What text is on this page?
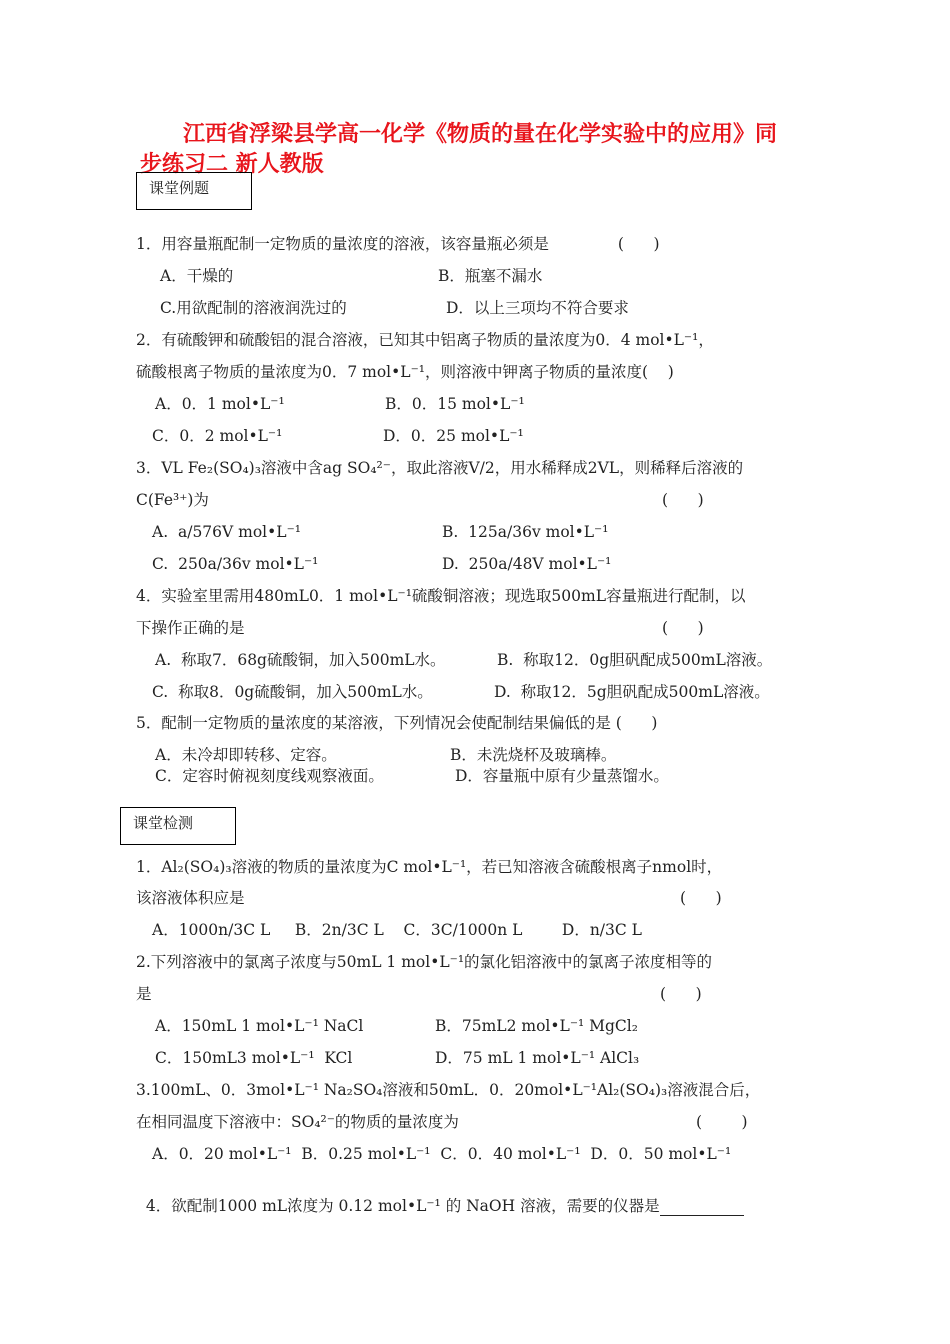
江西省浮梁县学高一化学《物质的量在化学实验中的应用》同
步练习二 新人教版
课堂例题
1．用容量瓶配制一定物质的量浓度的溶液，该容量瓶必须是              (      )
A．干燥的	B．瓶塞不漏水
C.用欲配制的溶液润洗过的	D．以上三项均不符合要求
2．有硫酸钾和硫酸铝的混合溶液，已知其中铝离子物质的量浓度为0．4 mol•L⁻¹，
硫酸根离子物质的量浓度为0．7 mol•L⁻¹，则溶液中钾离子物质的量浓度(    )
A．0．1 mol•L⁻¹	B．0．15 mol•L⁻¹
C．0．2 mol•L⁻¹	D．0．25 mol•L⁻¹
3．VL Fe₂(SO₄)₃溶液中含ag SO₄²⁻，取此溶液V/2，用水稀释成2VL，则稀释后溶液的
C(Fe³⁺)为	(      )
A.  a/576V mol•L⁻¹	B.  125a/36v mol•L⁻¹
C.  250a/36v mol•L⁻¹	D.  250a/48V mol•L⁻¹
4．实验室里需用480mL0．1 mol•L⁻¹硫酸铜溶液；现选取500mL容量瓶进行配制，以
下操作正确的是	(      )
A.  称取7．68g硫酸铜，加入500mL水。	B.  称取12．0g胆矾配成500mL溶液。
C.  称取8．0g硫酸铜，加入500mL水。	D.  称取12．5g胆矾配成500mL溶液。
5．配制一定物质的量浓度的某溶液，下列情况会使配制结果偏低的是 (      )
A．未冷却即转移、定容。	B．未洗烧杯及玻璃棒。
C．定容时俯视刻度线观察液面。	D．容量瓶中原有少量蒸馏水。
课堂检测
1．Al₂(SO₄)₃溶液的物质的量浓度为C mol•L⁻¹，若已知溶液含硫酸根离子nmol时，
该溶液体积应是	(      )
A．1000n/3C L     B．2n/3C L    C．3C/1000n L        D．n/3C L
2.下列溶液中的氯离子浓度与50mL 1 mol•L⁻¹的氯化铝溶液中的氯离子浓度相等的
是	(      )
A．150mL 1 mol•L⁻¹ NaCl	B．75mL2 mol•L⁻¹ MgCl₂
C．150mL3 mol•L⁻¹  KCl	D．75 mL 1 mol•L⁻¹ AlCl₃
3.100mL、0．3mol•L⁻¹ Na₂SO₄溶液和50mL．0．20mol•L⁻¹Al₂(SO₄)₃溶液混合后，
在相同温度下溶液中：SO₄²⁻的物质的量浓度为	(        )
A．0．20 mol•L⁻¹  B．0.25 mol•L⁻¹  C．0．40 mol•L⁻¹  D．0．50 mol•L⁻¹

4．欲配制1000 mL浓度为 0.12 mol•L⁻¹ 的 NaOH 溶液，需要的仪器是
